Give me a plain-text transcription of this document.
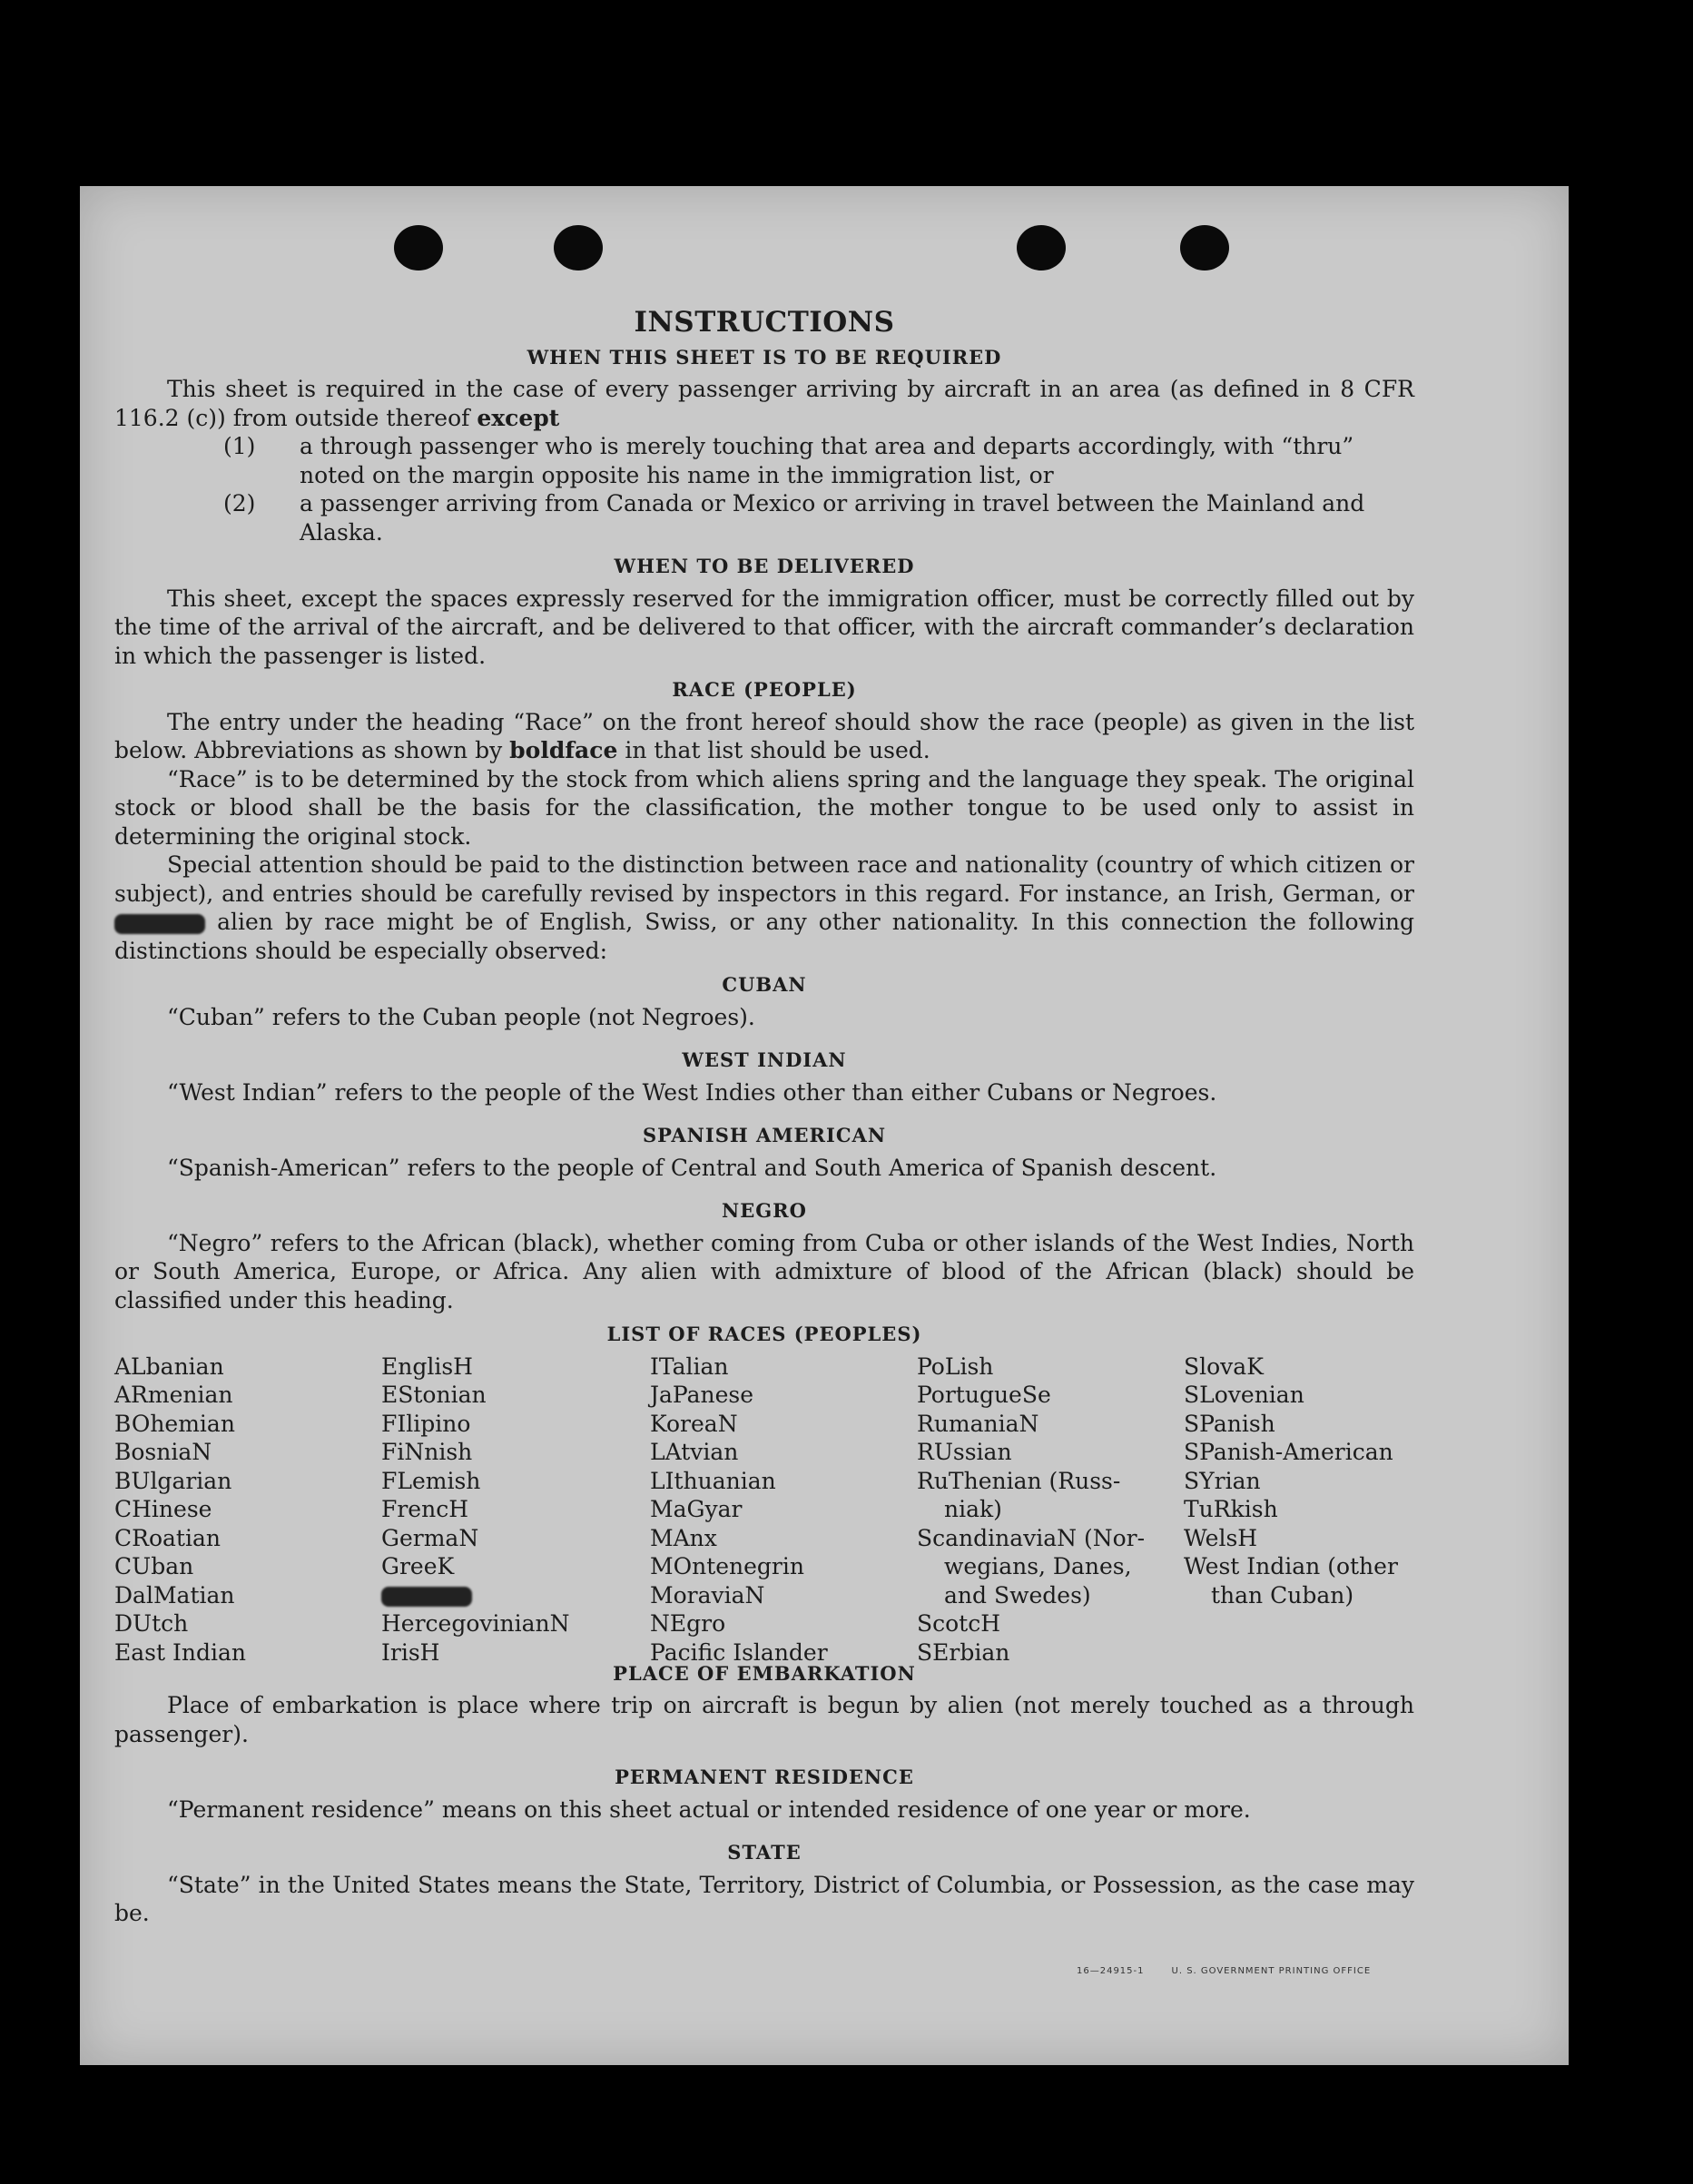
INSTRUCTIONS
WHEN THIS SHEET IS TO BE REQUIRED

This sheet is required in the case of every passenger arriving by aircraft in an area (as defined in 8 CFR 116.2 (c)) from outside thereof except

(1) a through passenger who is merely touching that area and departs accordingly, with “thru” noted on the margin opposite his name in the immigration list, or

(2) a passenger arriving from Canada or Mexico or arriving in travel between the Mainland and Alaska.

WHEN TO BE DELIVERED

This sheet, except the spaces expressly reserved for the immigration officer, must be correctly filled out by the time of the arrival of the aircraft, and be delivered to that officer, with the aircraft commander’s declaration in which the passenger is listed.

RACE (PEOPLE)

The entry under the heading “Race” on the front hereof should show the race (people) as given in the list below. Abbreviations as shown by boldface in that list should be used.

“Race” is to be determined by the stock from which aliens spring and the language they speak. The original stock or blood shall be the basis for the classification, the mother tongue to be used only to assist in determining the original stock.

Special attention should be paid to the distinction between race and nationality (country of which citizen or subject), and entries should be carefully revised by inspectors in this regard. For instance, an Irish, German, or  alien by race might be of English, Swiss, or any other nationality. In this connection the following distinctions should be especially observed:

CUBAN

“Cuban” refers to the Cuban people (not Negroes).

WEST INDIAN

“West Indian” refers to the people of the West Indies other than either Cubans or Negroes.

SPANISH AMERICAN

“Spanish-American” refers to the people of Central and South America of Spanish descent.

NEGRO

“Negro” refers to the African (black), whether coming from Cuba or other islands of the West Indies, North or South America, Europe, or Africa. Any alien with admixture of blood of the African (black) should be classified under this heading.

LIST OF RACES (PEOPLES)
ALbanian
ARmenian
BOhemian
BosniaN
BUlgarian
CHinese
CRoatian
CUban
DalMatian
DUtch
East Indian
EnglisH
EStonian
FIlipino
FiNnish
FLemish
FrencH
GermaN
GreeK
HercegovinianN
IrisH
ITalian
JaPanese
KoreaN
LAtvian
LIthuanian
MaGyar
MAnx
MOntenegrin
MoraviaN
NEgro
Pacific Islander
PoLish
PortugueSe
RumaniaN
RUssian
RuThenian (Russ-
niak)
ScandinaviaN (Nor-
wegians, Danes,
and Swedes)
ScotcH
SErbian
SlovaK
SLovenian
SPanish
SPanish-American
SYrian
TuRkish
WelsH
West Indian (other
than Cuban)
PLACE OF EMBARKATION

Place of embarkation is place where trip on aircraft is begun by alien (not merely touched as a through passenger).

PERMANENT RESIDENCE

“Permanent residence” means on this sheet actual or intended residence of one year or more.

STATE

“State” in the United States means the State, Territory, District of Columbia, or Possession, as the case may be.

16—24915-1	U. S. GOVERNMENT PRINTING OFFICE
